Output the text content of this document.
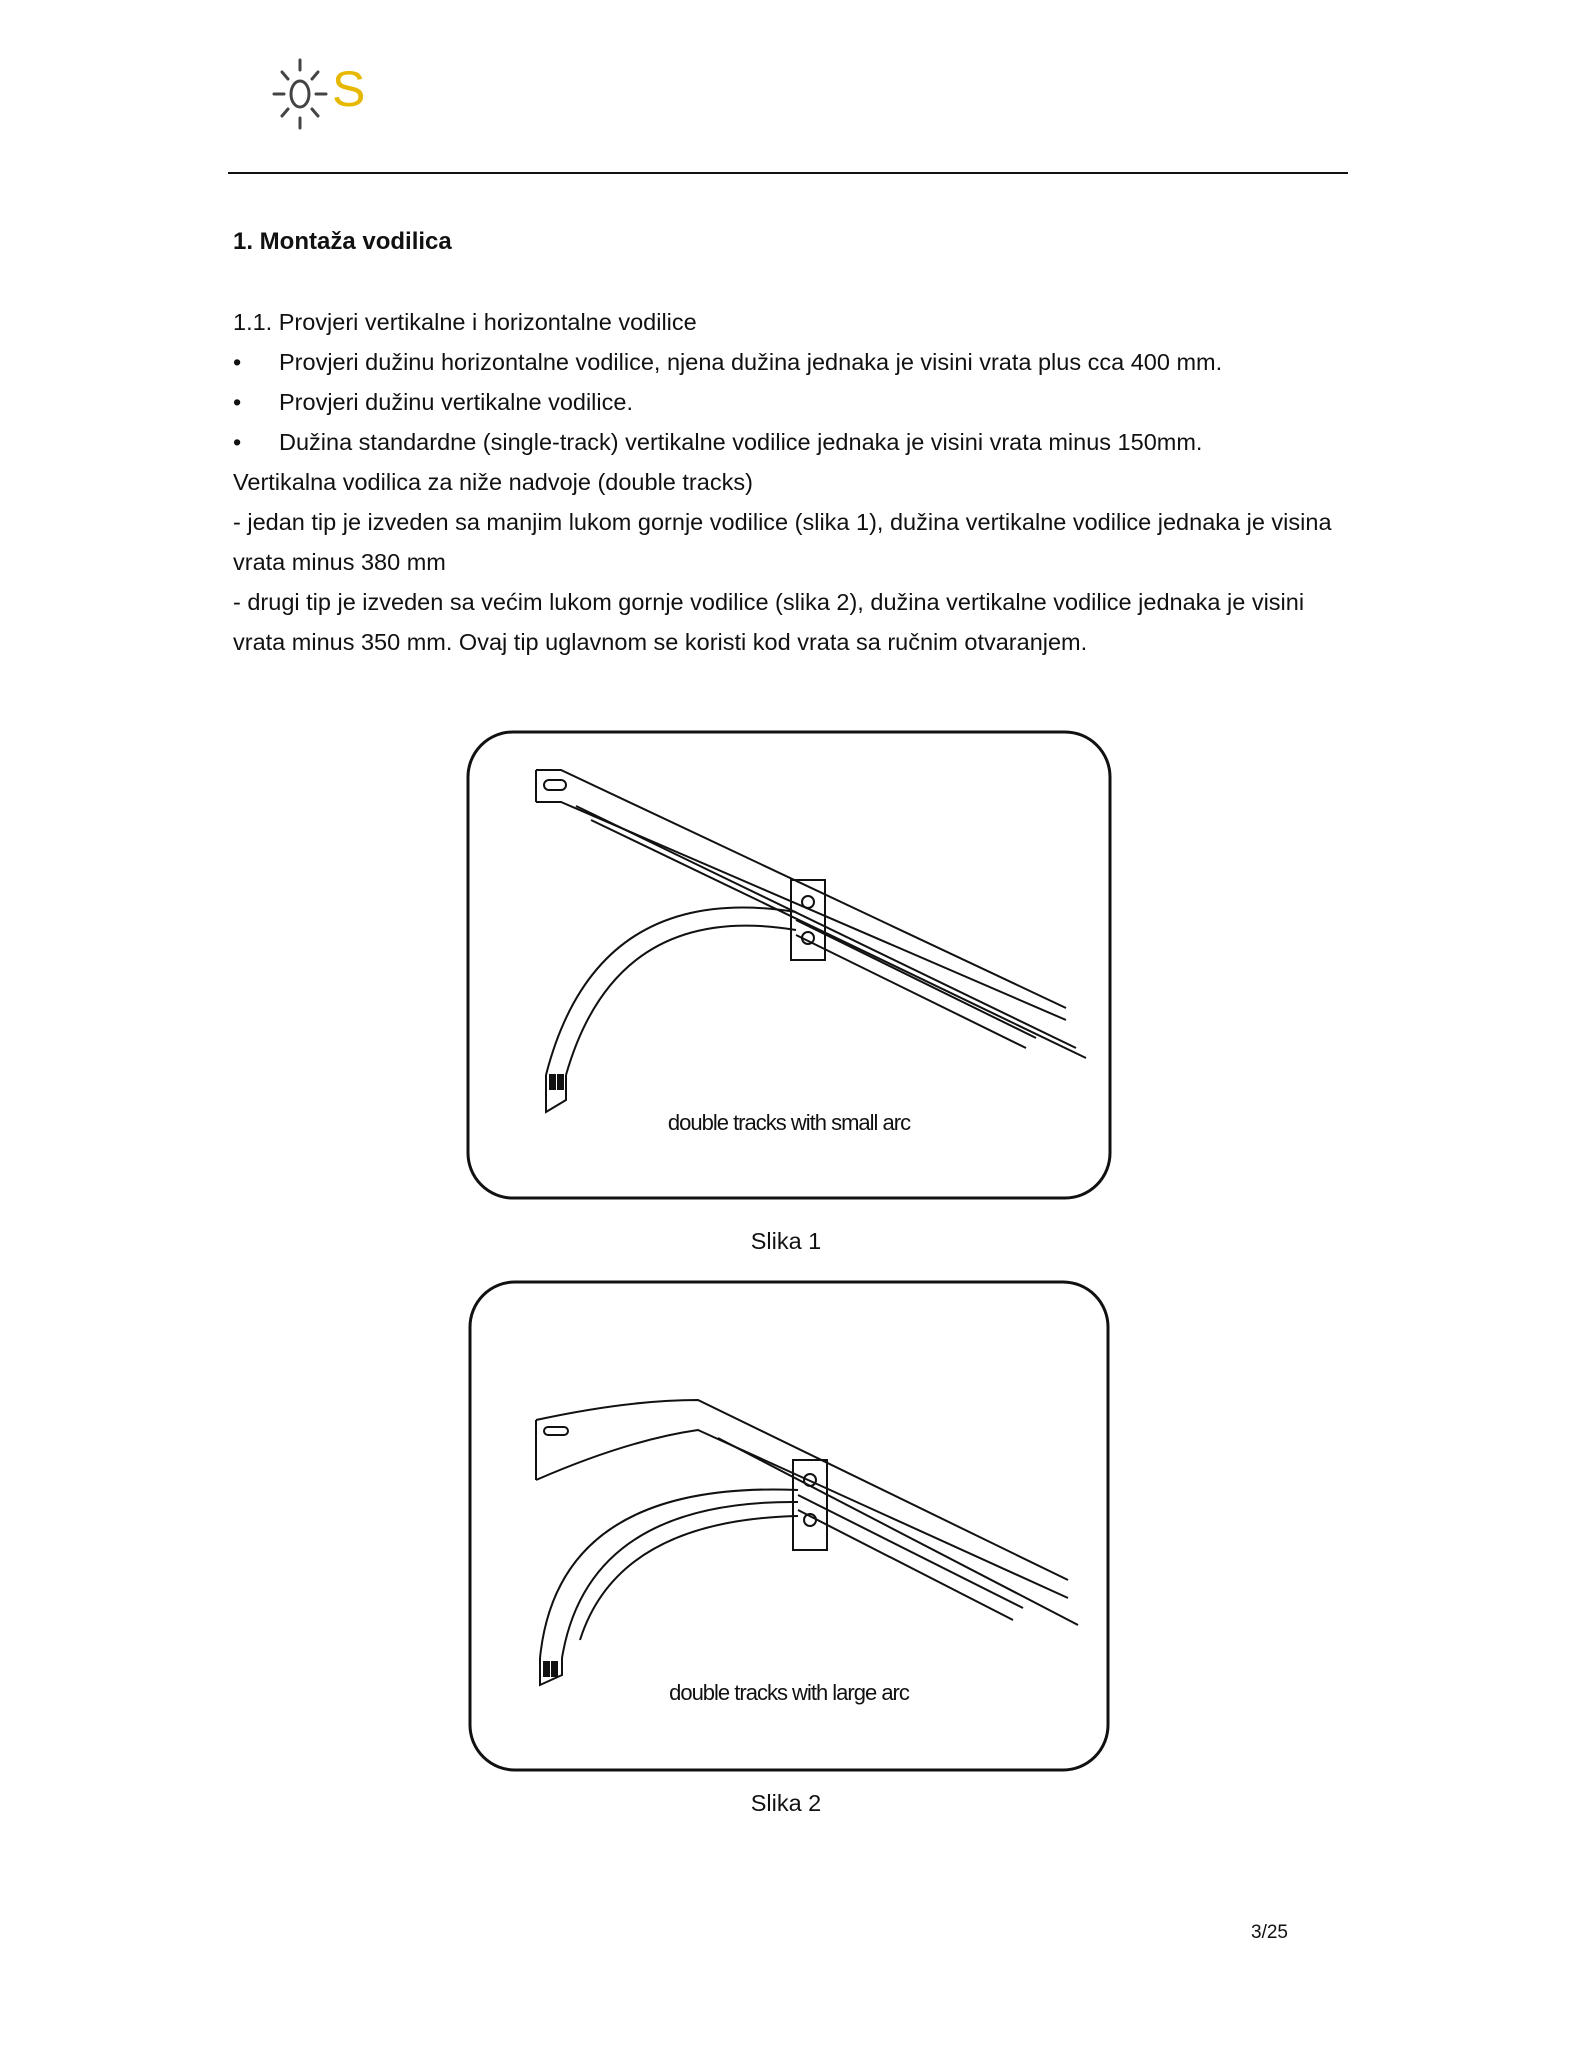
S
1. Montaža vodilica

1.1. Provjeri vertikalne i horizontalne vodilice

• Provjeri dužinu horizontalne vodilice, njena dužina jednaka je visini vrata plus cca 400 mm.
• Provjeri dužinu vertikalne vodilice.
• Dužina standardne (single-track) vertikalne vodilice jednaka je visini vrata minus 150mm.

Vertikalna vodilica za niže nadvoje (double tracks)

- jedan tip je izveden sa manjim lukom gornje vodilice (slika 1), dužina vertikalne vodilice jednaka je visina vrata minus 380 mm

- drugi tip je izveden sa većim lukom gornje vodilice (slika 2), dužina vertikalne vodilice jednaka je visini vrata minus 350 mm. Ovaj tip uglavnom se koristi kod vrata sa ručnim otvaranjem.

double tracks with small arc
Slika 1
double tracks with large arc
Slika 2
3/25
